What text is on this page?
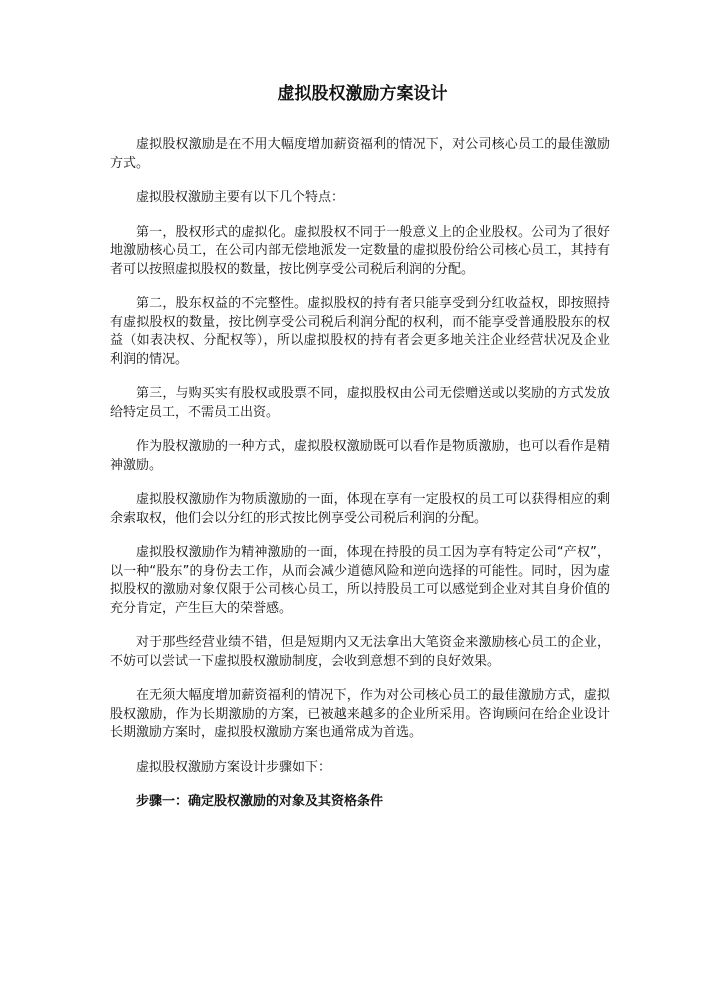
虚拟股权激励方案设计

虚拟股权激励是在不用大幅度增加薪资福利的情况下，对公司核心员工的最佳激励方式。

虚拟股权激励主要有以下几个特点：

第一，股权形式的虚拟化。虚拟股权不同于一般意义上的企业股权。公司为了很好地激励核心员工，在公司内部无偿地派发一定数量的虚拟股份给公司核心员工，其持有者可以按照虚拟股权的数量，按比例享受公司税后利润的分配。

第二，股东权益的不完整性。虚拟股权的持有者只能享受到分红收益权，即按照持有虚拟股权的数量，按比例享受公司税后利润分配的权利，而不能享受普通股股东的权益（如表决权、分配权等），所以虚拟股权的持有者会更多地关注企业经营状况及企业利润的情况。

第三，与购买实有股权或股票不同，虚拟股权由公司无偿赠送或以奖励的方式发放给特定员工，不需员工出资。

作为股权激励的一种方式，虚拟股权激励既可以看作是物质激励，也可以看作是精神激励。

虚拟股权激励作为物质激励的一面，体现在享有一定股权的员工可以获得相应的剩余索取权，他们会以分红的形式按比例享受公司税后利润的分配。

虚拟股权激励作为精神激励的一面，体现在持股的员工因为享有特定公司“产权”，以一种“股东”的身份去工作，从而会减少道德风险和逆向选择的可能性。同时，因为虚拟股权的激励对象仅限于公司核心员工，所以持股员工可以感觉到企业对其自身价值的充分肯定，产生巨大的荣誉感。

对于那些经营业绩不错，但是短期内又无法拿出大笔资金来激励核心员工的企业，不妨可以尝试一下虚拟股权激励制度，会收到意想不到的良好效果。

在无须大幅度增加薪资福利的情况下，作为对公司核心员工的最佳激励方式，虚拟股权激励，作为长期激励的方案，已被越来越多的企业所采用。咨询顾问在给企业设计长期激励方案时，虚拟股权激励方案也通常成为首选。

虚拟股权激励方案设计步骤如下：

步骤一：确定股权激励的对象及其资格条件
